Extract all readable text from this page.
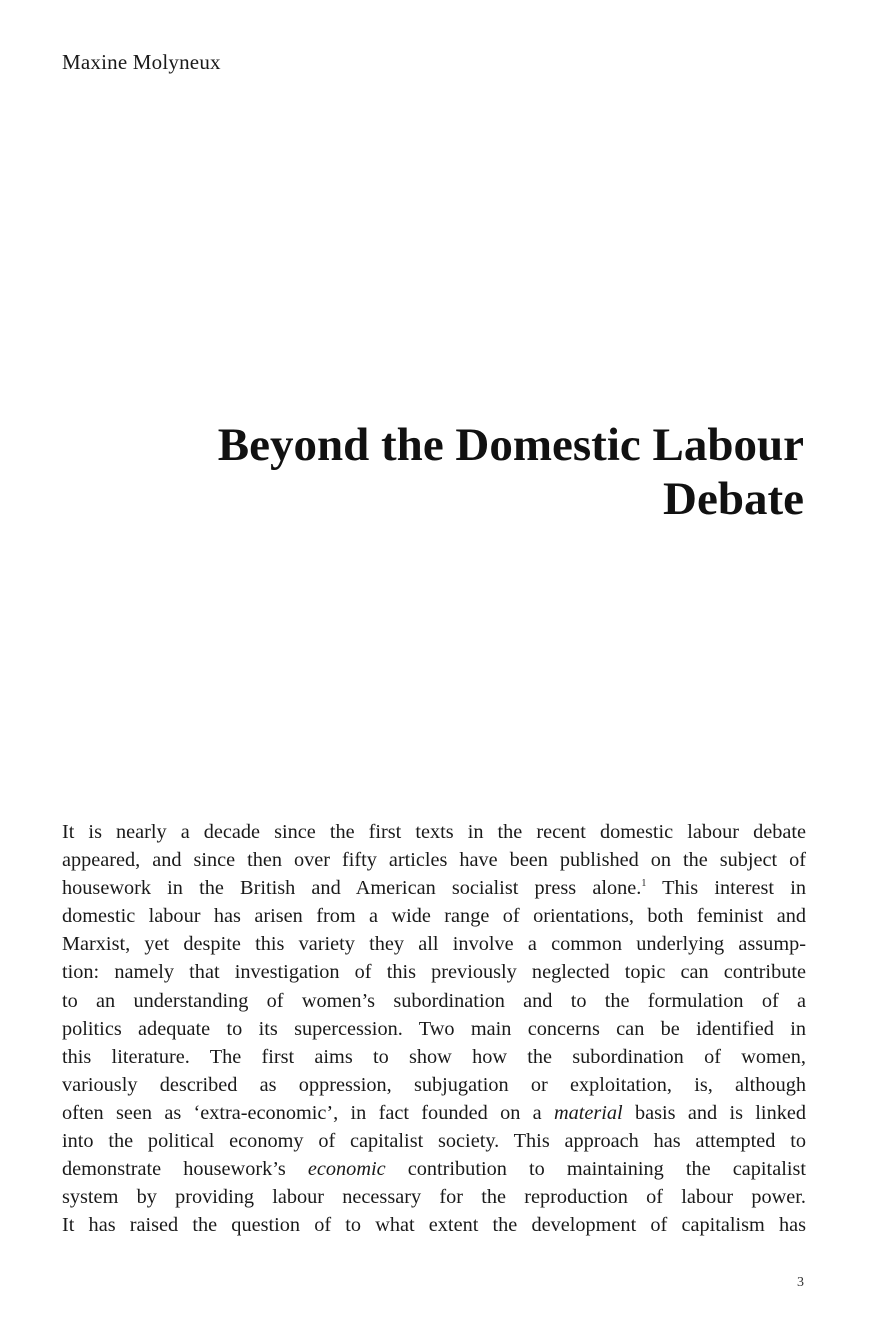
Maxine Molyneux
Beyond the Domestic Labour
Debate
It is nearly a decade since the first texts in the recent domestic labour debate
appeared, and since then over fifty articles have been published on the subject of
housework in the British and American socialist press alone.$^1$ This interest in
domestic labour has arisen from a wide range of orientations, both feminist and
Marxist, yet despite this variety they all involve a common underlying assump-
tion: namely that investigation of this previously neglected topic can contribute
to an understanding of women’s subordination and to the formulation of a
politics adequate to its supercession. Two main concerns can be identified in
this literature. The first aims to show how the subordination of women,
variously described as oppression, subjugation or exploitation, is, although
often seen as ‘extra-economic’, in fact founded on a material basis and is linked
into the political economy of capitalist society. This approach has attempted to
demonstrate housework’s economic contribution to maintaining the capitalist
system by providing labour necessary for the reproduction of labour power.
It has raised the question of to what extent the development of capitalism has
3
